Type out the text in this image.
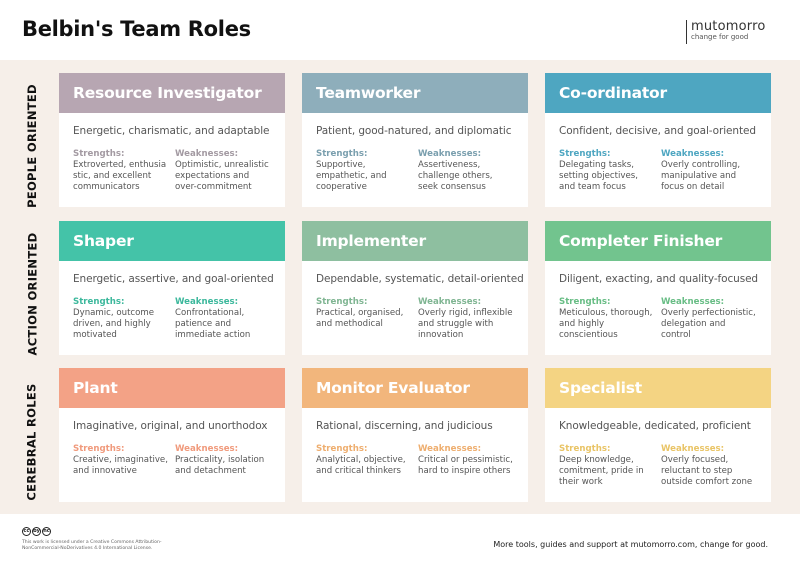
Belbin's Team Roles	mutomorro
change for good
PEOPLE ORIENTED
ACTION ORIENTED
CEREBRAL ROLES
Resource Investigator
Energetic, charismatic, and adaptable
Strengths:
Extroverted, enthusia stic, and excellent communicators
Weaknesses:
Optimistic, unrealistic expectations and over-commitment
Teamworker
Patient, good-natured, and diplomatic
Strengths:
Supportive, empathetic, and cooperative
Weaknesses:
Assertiveness, challenge others, seek consensus
Co-ordinator
Confident, decisive, and goal-oriented
Strengths:
Delegating tasks, setting objectives, and team focus
Weaknesses:
Overly controlling, manipulative and focus on detail
Shaper
Energetic, assertive, and goal-oriented
Strengths:
Dynamic, outcome driven, and highly motivated
Weaknesses:
Confrontational, patience and immediate action
Implementer
Dependable, systematic, detail-oriented
Strengths:
Practical, organised, and methodical
Weaknesses:
Overly rigid, inflexible and struggle with innovation
Completer Finisher
Diligent, exacting, and quality-focused
Strengths:
Meticulous, thorough, and highly conscientious
Weaknesses:
Overly perfectionistic, delegation and control
Plant
Imaginative, original, and unorthodox
Strengths:
Creative, imaginative, and innovative
Weaknesses:
Practicality, isolation and detachment
Monitor Evaluator
Rational, discerning, and judicious
Strengths:
Analytical, objective, and critical thinkers
Weaknesses:
Critical or pessimistic, hard to inspire others
Specialist
Knowledgeable, dedicated, proficient
Strengths:
Deep knowledge, comitment, pride in their work
Weaknesses:
Overly focused, reluctant to step outside comfort zone
cc by nc
This work is licensed under a Creative Commons Attribution-NonCommercial-NoDerivatives 4.0 International License.	More tools, guides and support at mutomorro.com, change for good.
